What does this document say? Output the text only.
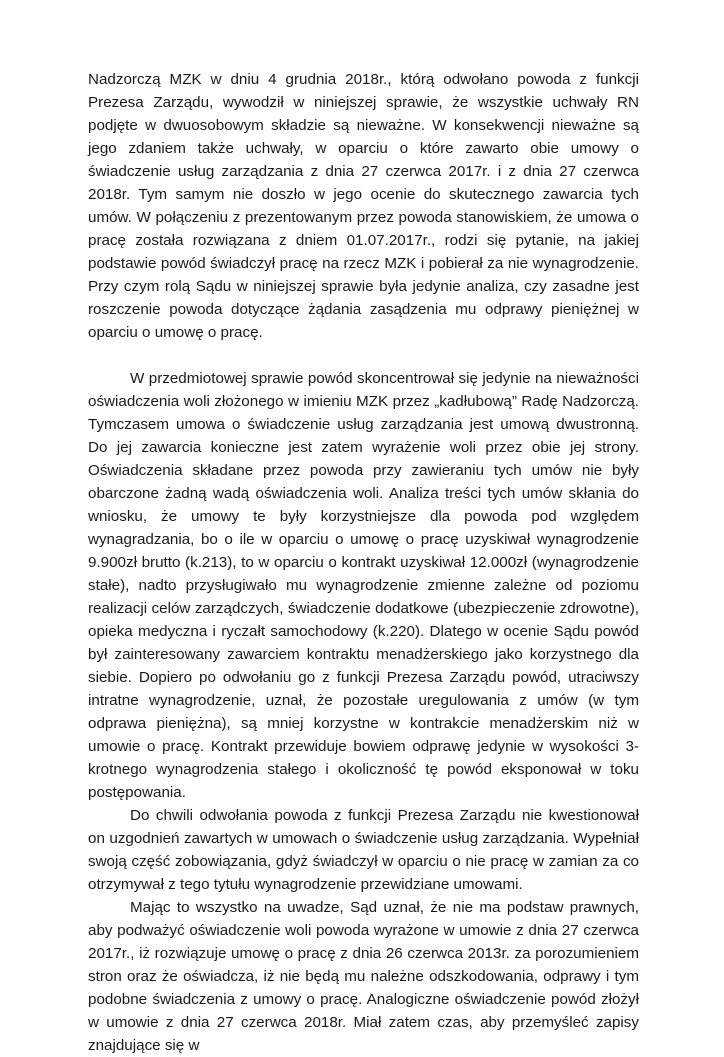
Nadzorczą MZK w dniu 4 grudnia 2018r., którą odwołano powoda z funkcji Prezesa Zarządu, wywodził w niniejszej sprawie, że wszystkie uchwały RN podjęte w dwuosobowym składzie są nieważne. W konsekwencji nieważne są jego zdaniem także uchwały, w oparciu o które zawarto obie umowy o świadczenie usług zarządzania z dnia 27 czerwca 2017r. i z dnia 27 czerwca 2018r. Tym samym nie doszło w jego ocenie do skutecznego zawarcia tych umów. W połączeniu z prezentowanym przez powoda stanowiskiem, że umowa o pracę została rozwiązana z dniem 01.07.2017r., rodzi się pytanie, na jakiej podstawie powód świadczył pracę na rzecz MZK i pobierał za nie wynagrodzenie. Przy czym rolą Sądu w niniejszej sprawie była jedynie analiza, czy zasadne jest roszczenie powoda dotyczące żądania zasądzenia mu odprawy pieniężnej w oparciu o umowę o pracę.

W przedmiotowej sprawie powód skoncentrował się jedynie na nieważności oświadczenia woli złożonego w imieniu MZK przez „kadłubową” Radę Nadzorczą. Tymczasem umowa o świadczenie usług zarządzania jest umową dwustronną. Do jej zawarcia konieczne jest zatem wyrażenie woli przez obie jej strony. Oświadczenia składane przez powoda przy zawieraniu tych umów nie były obarczone żadną wadą oświadczenia woli. Analiza treści tych umów skłania do wniosku, że umowy te były korzystniejsze dla powoda pod względem wynagradzania, bo o ile w oparciu o umowę o pracę uzyskiwał wynagrodzenie 9.900zł brutto (k.213), to w oparciu o kontrakt uzyskiwał 12.000zł (wynagrodzenie stałe), nadto przysługiwało mu wynagrodzenie zmienne zależne od poziomu realizacji celów zarządczych, świadczenie dodatkowe (ubezpieczenie zdrowotne), opieka medyczna i ryczałt samochodowy (k.220). Dlatego w ocenie Sądu powód był zainteresowany zawarciem kontraktu menadżerskiego jako korzystnego dla siebie. Dopiero po odwołaniu go z funkcji Prezesa Zarządu powód, utraciwszy intratne wynagrodzenie, uznał, że pozostałe uregulowania z umów (w tym odprawa pieniężna), są mniej korzystne w kontrakcie menadżerskim niż w umowie o pracę. Kontrakt przewiduje bowiem odprawę jedynie w wysokości 3-krotnego wynagrodzenia stałego i okoliczność tę powód eksponował w toku postępowania.

Do chwili odwołania powoda z funkcji Prezesa Zarządu nie kwestionował on uzgodnień zawartych w umowach o świadczenie usług zarządzania. Wypełniał swoją część zobowiązania, gdyż świadczył w oparciu o nie pracę w zamian za co otrzymywał z tego tytułu wynagrodzenie przewidziane umowami.

Mając to wszystko na uwadze, Sąd uznał, że nie ma podstaw prawnych, aby podważyć oświadczenie woli powoda wyrażone w umowie z dnia 27 czerwca 2017r., iż rozwiązuje umowę o pracę z dnia 26 czerwca 2013r. za porozumieniem stron oraz że oświadcza, iż nie będą mu należne odszkodowania, odprawy i tym podobne świadczenia z umowy o pracę. Analogiczne oświadczenie powód złożył w umowie z dnia 27 czerwca 2018r. Miał zatem czas, aby przemyśleć zapisy znajdujące się w
